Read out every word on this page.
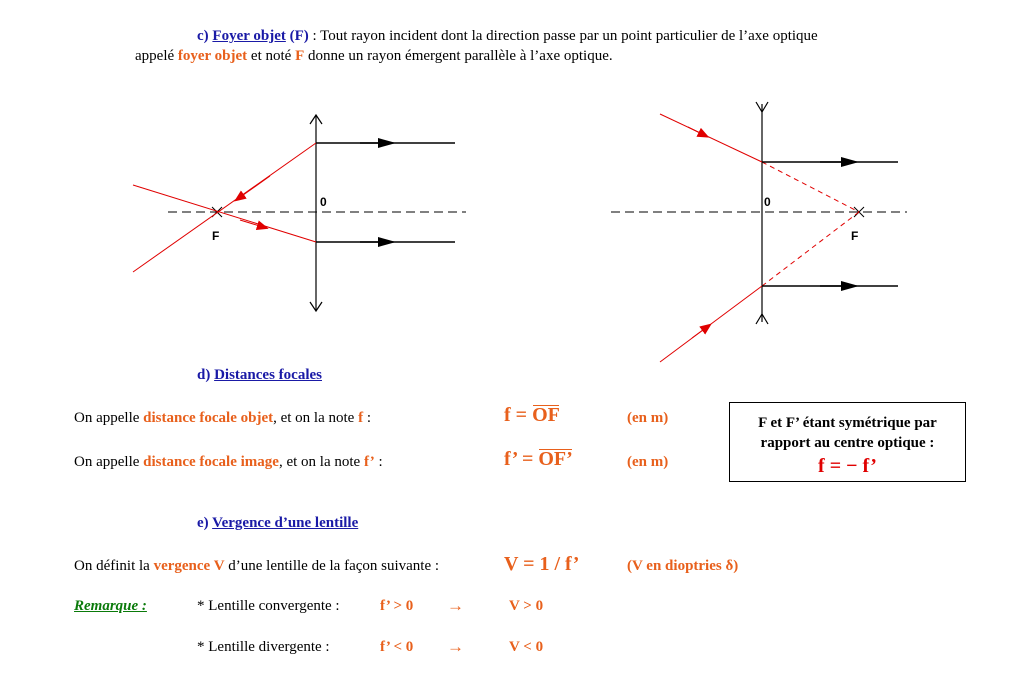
c) Foyer objet (F) : Tout rayon incident dont la direction passe par un point particulier de l’axe optique
appelé foyer objet et noté F donne un rayon émergent parallèle à l’axe optique.
0
F
0
F
d) Distances focales
On appelle distance focale objet, et on la note f :	f = OF	(en m)
On appelle distance focale image, et on la note f’ :	f’ = OF’	(en m)
F et F’ étant symétrique par
rapport au centre optique :
f = − f’
e) Vergence d’une lentille
On définit la vergence V d’une lentille de la façon suivante :	V = 1 / f’	(V en dioptries δ)
Remarque :	* Lentille convergente :	f’ > 0 →	V > 0
* Lentille divergente :	f’ < 0 →	V < 0
